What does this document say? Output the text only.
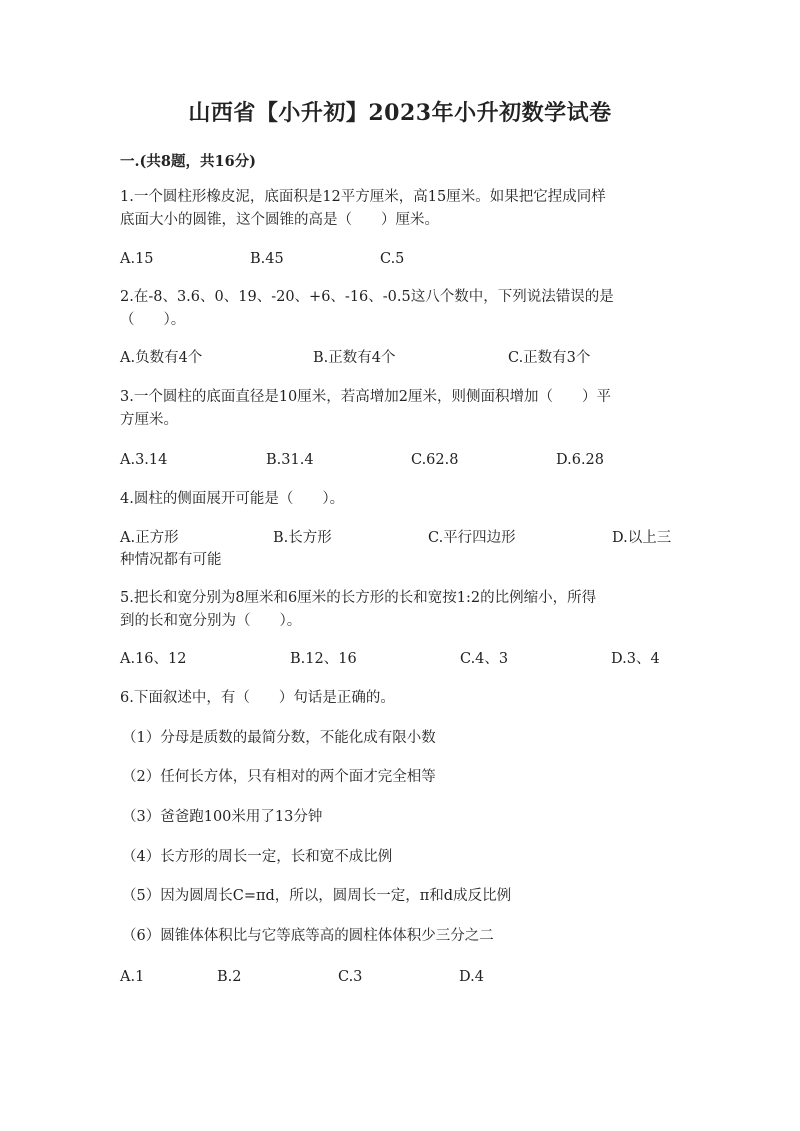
山西省【小升初】2023年小升初数学试卷
一.(共8题，共16分)
1.一个圆柱形橡皮泥，底面积是12平方厘米，高15厘米。如果把它捏成同样
底面大小的圆锥，这个圆锥的高是（　　）厘米。
A.15	B.45	C.5
2.在-8、3.6、0、19、-20、+6、-16、-0.5这八个数中，下列说法错误的是
（　　）。
A.负数有4个	B.正数有4个	C.正数有3个
3.一个圆柱的底面直径是10厘米，若高增加2厘米，则侧面积增加（　　）平
方厘米。
A.3.14	B.31.4	C.62.8	D.6.28
4.圆柱的侧面展开可能是（　　）。
A.正方形	B.长方形	C.平行四边形	D.以上三
种情况都有可能
5.把长和宽分别为8厘米和6厘米的长方形的长和宽按1:2的比例缩小，所得
到的长和宽分别为（　　）。
A.16、12	B.12、16	C.4、3	D.3、4
6.下面叙述中，有（　　）句话是正确的。
（1）分母是质数的最简分数，不能化成有限小数
（2）任何长方体，只有相对的两个面才完全相等
（3）爸爸跑100米用了13分钟
（4）长方形的周长一定，长和宽不成比例
（5）因为圆周长C=πd，所以，圆周长一定，π和d成反比例
（6）圆锥体体积比与它等底等高的圆柱体体积少三分之二
A.1	B.2	C.3	D.4
